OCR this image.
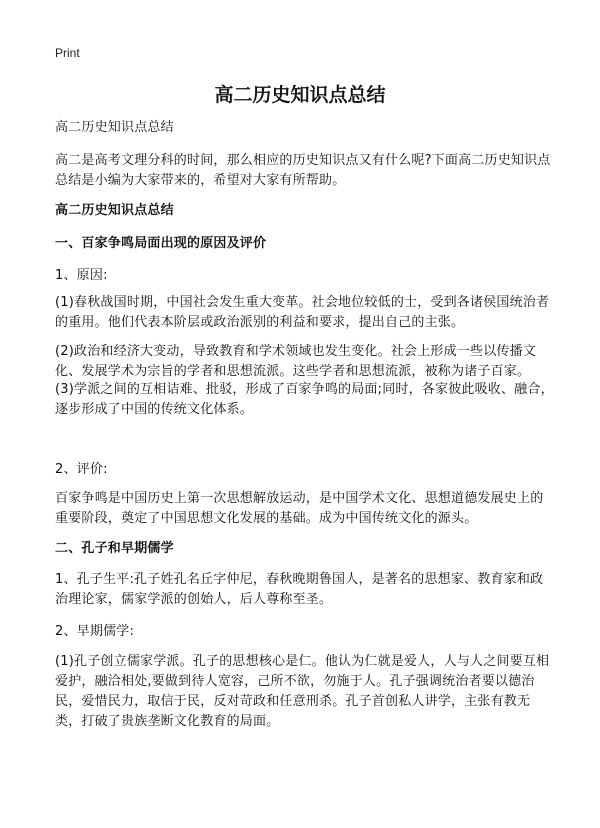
Print
高二历史知识点总结

高二历史知识点总结

高二是高考文理分科的时间，那么相应的历史知识点又有什么呢?下面高二历史知识点总结是小编为大家带来的，希望对大家有所帮助。

高二历史知识点总结

一、百家争鸣局面出现的原因及评价

1、原因:

(1)春秋战国时期，中国社会发生重大变革。社会地位较低的士，受到各诸侯国统治者的重用。他们代表本阶层或政治派别的利益和要求，提出自己的主张。

(2)政治和经济大变动，导致教育和学术领域也发生变化。社会上形成一些以传播文化、发展学术为宗旨的学者和思想流派。这些学者和思想流派，被称为诸子百家。

(3)学派之间的互相诘难、批驳，形成了百家争鸣的局面;同时，各家彼此吸收、融合，逐步形成了中国的传统文化体系。

2、评价:

百家争鸣是中国历史上第一次思想解放运动，是中国学术文化、思想道德发展史上的重要阶段，奠定了中国思想文化发展的基础。成为中国传统文化的源头。

二、孔子和早期儒学

1、孔子生平:孔子姓孔名丘字仲尼，春秋晚期鲁国人，是著名的思想家、教育家和政治理论家，儒家学派的创始人，后人尊称至圣。

2、早期儒学:

(1)孔子创立儒家学派。孔子的思想核心是仁。他认为仁就是爱人，人与人之间要互相爱护，融洽相处,要做到待人宽容，己所不欲，勿施于人。孔子强调统治者要以德治民，爱惜民力，取信于民，反对苛政和任意刑杀。孔子首创私人讲学，主张有教无类，打破了贵族垄断文化教育的局面。
